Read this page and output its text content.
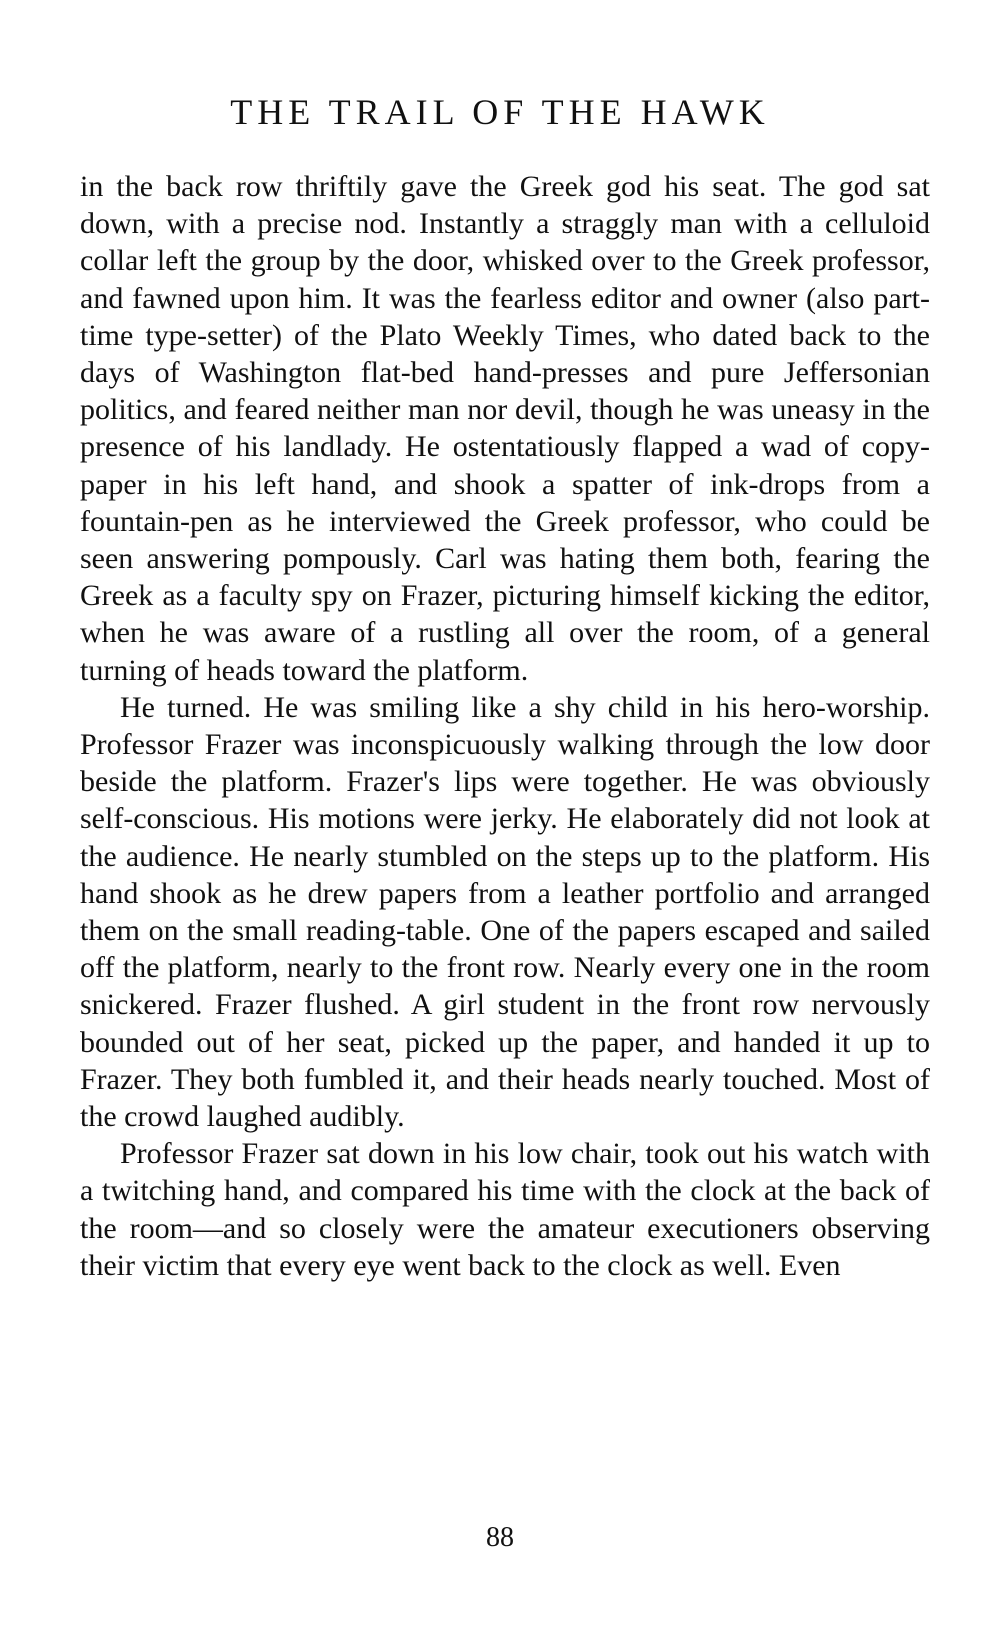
THE TRAIL OF THE HAWK

in the back row thriftily gave the Greek god his seat. The god sat down, with a precise nod. Instantly a straggly man with a celluloid collar left the group by the door, whisked over to the Greek professor, and fawned upon him. It was the fearless editor and owner (also part-time type-setter) of the Plato Weekly Times, who dated back to the days of Washington flat-bed hand-presses and pure Jeffersonian politics, and feared neither man nor devil, though he was uneasy in the presence of his landlady. He ostentatiously flapped a wad of copy-paper in his left hand, and shook a spatter of ink-drops from a fountain-pen as he interviewed the Greek professor, who could be seen answering pompously. Carl was hating them both, fearing the Greek as a faculty spy on Frazer, picturing himself kicking the editor, when he was aware of a rustling all over the room, of a general turning of heads toward the platform.

He turned. He was smiling like a shy child in his hero-worship. Professor Frazer was inconspicuously walking through the low door beside the platform. Frazer's lips were together. He was obviously self-conscious. His motions were jerky. He elaborately did not look at the audience. He nearly stumbled on the steps up to the platform. His hand shook as he drew papers from a leather portfolio and arranged them on the small reading-table. One of the papers escaped and sailed off the platform, nearly to the front row. Nearly every one in the room snickered. Frazer flushed. A girl student in the front row nervously bounded out of her seat, picked up the paper, and handed it up to Frazer. They both fumbled it, and their heads nearly touched. Most of the crowd laughed audibly.

Professor Frazer sat down in his low chair, took out his watch with a twitching hand, and compared his time with the clock at the back of the room—and so closely were the amateur executioners observing their victim that every eye went back to the clock as well. Even

88
